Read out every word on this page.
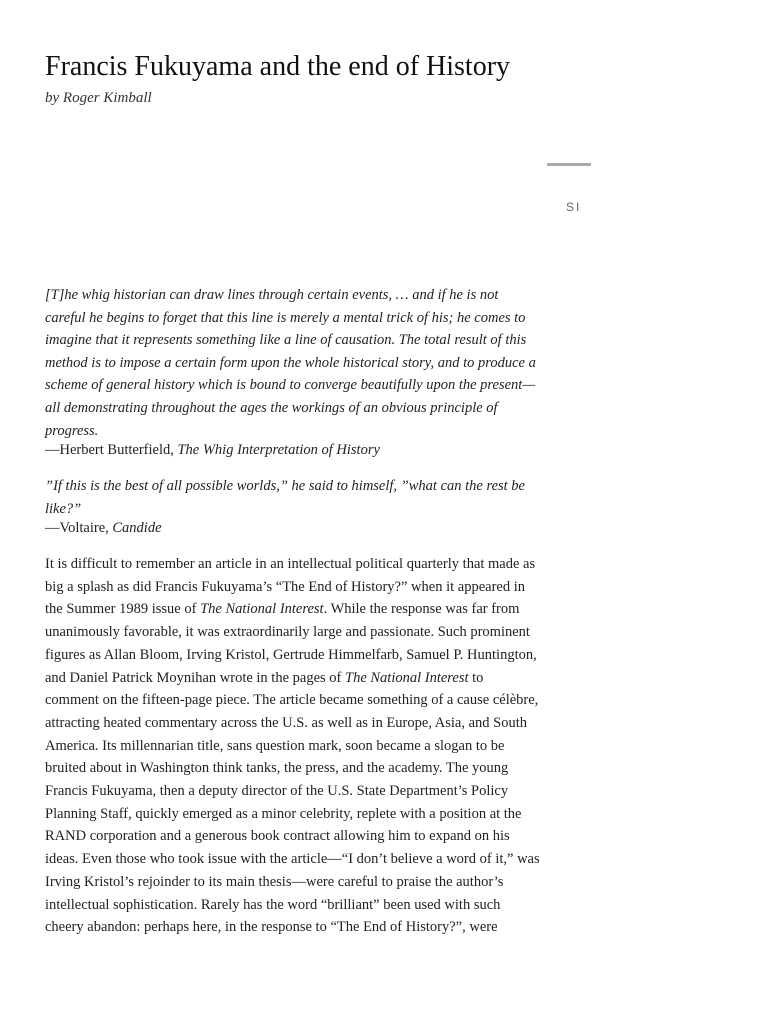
Francis Fukuyama and the end of History
by Roger Kimball
SI

[T]he whig historian can draw lines through certain events, … and if he is not careful he begins to forget that this line is merely a mental trick of his; he comes to imagine that it represents something like a line of causation. The total result of this method is to impose a certain form upon the whole historical story, and to produce a scheme of general history which is bound to converge beautifully upon the present—all demonstrating throughout the ages the workings of an obvious principle of progress.

—Herbert Butterfield, The Whig Interpretation of History

”If this is the best of all possible worlds,” he said to himself, ”what can the rest be like?”

—Voltaire, Candide

It is difficult to remember an article in an intellectual political quarterly that made as big a splash as did Francis Fukuyama’s “The End of History?” when it appeared in the Summer 1989 issue of The National Interest. While the response was far from unanimously favorable, it was extraordinarily large and passionate. Such prominent figures as Allan Bloom, Irving Kristol, Gertrude Himmelfarb, Samuel P. Huntington, and Daniel Patrick Moynihan wrote in the pages of The National Interest to comment on the fifteen-page piece. The article became something of a cause célèbre, attracting heated commentary across the U.S. as well as in Europe, Asia, and South America. Its millennarian title, sans question mark, soon became a slogan to be bruited about in Washington think tanks, the press, and the academy. The young Francis Fukuyama, then a deputy director of the U.S. State Department’s Policy Planning Staff, quickly emerged as a minor celebrity, replete with a position at the RAND corporation and a generous book contract allowing him to expand on his ideas. Even those who took issue with the article—“I don’t believe a word of it,” was Irving Kristol’s rejoinder to its main thesis—were careful to praise the author’s intellectual sophistication. Rarely has the word “brilliant” been used with such cheery abandon: perhaps here, in the response to “The End of History?”, were
